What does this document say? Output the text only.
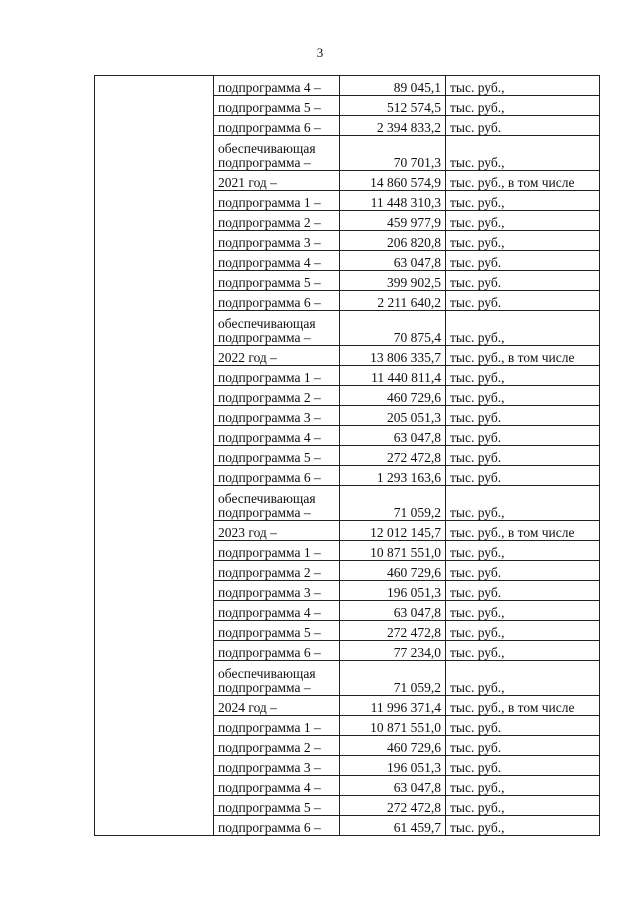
3
	подпрограмма 4 –	89 045,1	тыс. руб.,
	подпрограмма 5 –	512 574,5	тыс. руб.,
	подпрограмма 6 –	2 394 833,2	тыс. руб.
	обеспечивающая подпрограмма –	70 701,3	тыс. руб.,
	2021 год –	14 860 574,9	тыс. руб., в том числе
	подпрограмма 1 –	11 448 310,3	тыс. руб.,
	подпрограмма 2 –	459 977,9	тыс. руб.,
	подпрограмма 3 –	206 820,8	тыс. руб.,
	подпрограмма 4 –	63 047,8	тыс. руб.
	подпрограмма 5 –	399 902,5	тыс. руб.
	подпрограмма 6 –	2 211 640,2	тыс. руб.
	обеспечивающая подпрограмма –	70 875,4	тыс. руб.,
	2022 год –	13 806 335,7	тыс. руб., в том числе
	подпрограмма 1 –	11 440 811,4	тыс. руб.,
	подпрограмма 2 –	460 729,6	тыс. руб.,
	подпрограмма 3 –	205 051,3	тыс. руб.
	подпрограмма 4 –	63 047,8	тыс. руб.
	подпрограмма 5 –	272 472,8	тыс. руб.
	подпрограмма 6 –	1 293 163,6	тыс. руб.
	обеспечивающая подпрограмма –	71 059,2	тыс. руб.,
	2023 год –	12 012 145,7	тыс. руб., в том числе
	подпрограмма 1 –	10 871 551,0	тыс. руб.,
	подпрограмма 2 –	460 729,6	тыс. руб.
	подпрограмма 3 –	196 051,3	тыс. руб.
	подпрограмма 4 –	63 047,8	тыс. руб.,
	подпрограмма 5 –	272 472,8	тыс. руб.,
	подпрограмма 6 –	77 234,0	тыс. руб.,
	обеспечивающая подпрограмма –	71 059,2	тыс. руб.,
	2024 год –	11 996 371,4	тыс. руб., в том числе
	подпрограмма 1 –	10 871 551,0	тыс. руб.
	подпрограмма 2 –	460 729,6	тыс. руб.
	подпрограмма 3 –	196 051,3	тыс. руб.
	подпрограмма 4 –	63 047,8	тыс. руб.,
	подпрограмма 5 –	272 472,8	тыс. руб.,
	подпрограмма 6 –	61 459,7	тыс. руб.,
